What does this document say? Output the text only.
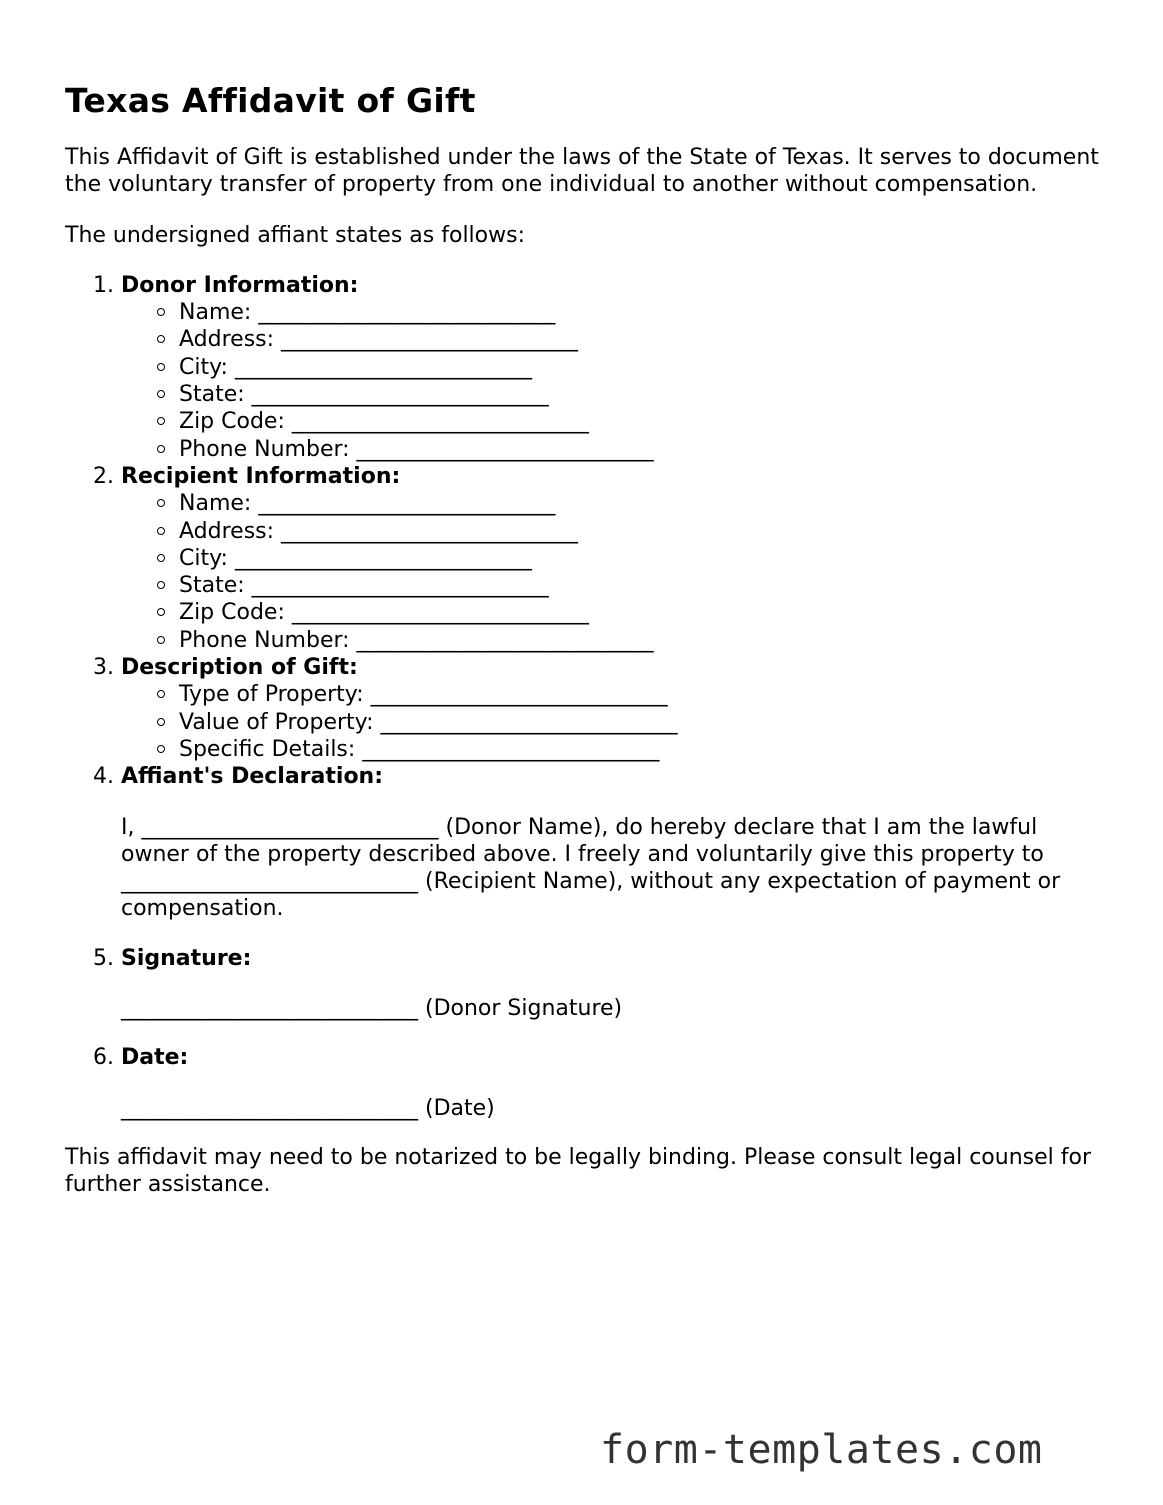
Texas Affidavit of Gift

This Affidavit of Gift is established under the laws of the State of Texas. It serves to document the voluntary transfer of property from one individual to another without compensation.

The undersigned affiant states as follows:

1. Donor Information:
Name: ___________________________
Address: ___________________________
City: ___________________________
State: ___________________________
Zip Code: ___________________________
Phone Number: ___________________________
2. Recipient Information:
Name: ___________________________
Address: ___________________________
City: ___________________________
State: ___________________________
Zip Code: ___________________________
Phone Number: ___________________________
3. Description of Gift:
Type of Property: ___________________________
Value of Property: ___________________________
Specific Details: ___________________________
4. Affiant's Declaration:

I, ___________________________ (Donor Name), do hereby declare that I am the lawful owner of the property described above. I freely and voluntarily give this property to ___________________________ (Recipient Name), without any expectation of payment or compensation.

5. Signature:

___________________________ (Donor Signature)

6. Date:

___________________________ (Date)

This affidavit may need to be notarized to be legally binding. Please consult legal counsel for further assistance.

form-templates.com
